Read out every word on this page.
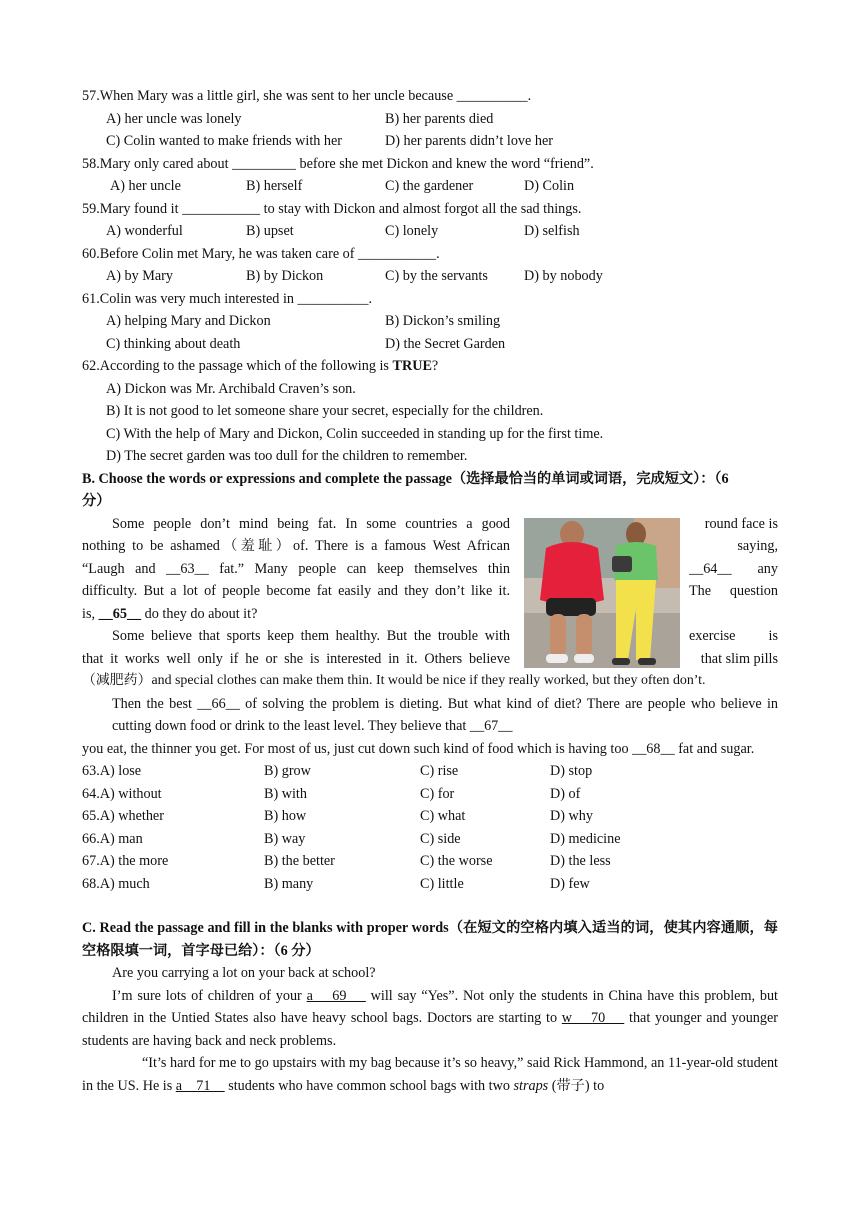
57.When Mary was a little girl, she was sent to her uncle because __________.
A) her uncle was lonely	B) her parents died
C) Colin wanted to make friends with her	D) her parents didn’t love her
58.Mary only cared about _________ before she met Dickon and knew the word “friend”.
A) her uncle	B) herself	C) the gardener	D) Colin
59.Mary found it ___________ to stay with Dickon and almost forgot all the sad things.
A) wonderful	B) upset	C) lonely	D) selfish
60.Before Colin met Mary, he was taken care of ___________.
A) by Mary	B) by Dickon	C) by the servants	D) by nobody
61.Colin was very much interested in __________.
A) helping Mary and Dickon	B) Dickon’s smiling
C) thinking about death	D) the Secret Garden
62.According to the passage which of the following is TRUE?
A) Dickon was Mr. Archibald Craven’s son.
B) It is not good to let someone share your secret, especially for the children.
C) With the help of Mary and Dickon, Colin succeeded in standing up for the first time.
D) The secret garden was too dull for the children to remember.
B. Choose the words or expressions and complete the passage（选择最恰当的单词或词语，完成短文）：（6
分）
Some people don’t mind being fat. In some countries a good	round face is
nothing to be ashamed（羞耻）of. There is a famous West African	saying,
“Laugh and __63__ fat.” Many people can keep themselves thin	__64__ any
difficulty. But a lot of people become fat easily and they don’t like it.	The question
is, __65__ do they do about it?
Some believe that sports keep them healthy. But the trouble with	exercise is
that it works well only if he or she is interested in it. Others believe	that slim pills
（减肥药）and special clothes can make them thin. It would be nice if they really worked, but they often don’t.
Then the best __66__ of solving the problem is dieting. But what kind of diet? There are people who believe in cutting down food or drink to the least level. They believe that __67__
you eat, the thinner you get. For most of us, just cut down such kind of food which is having too __68__ fat and sugar.
63.A) lose	B) grow	C) rise	D) stop
64.A) without	B) with	C) for	D) of
65.A) whether	B) how	C) what	D) why
66.A) man	B) way	C) side	D) medicine
67.A) the more	B) the better	C) the worse	D) the less
68.A) much	B) many	C) little	D) few
C. Read the passage and fill in the blanks with proper words（在短文的空格内填入适当的词，使其内容通顺，每空格限填一词，首字母已给）：（6 分）
Are you carrying a lot on your back at school?
I’m sure lots of children of your a    69     will say “Yes”. Not only the students in China have this problem, but children in the Untied States also have heavy school bags. Doctors are starting to w    70     that younger and younger students are having back and neck problems.
“It’s hard for me to go upstairs with my bag because it’s so heavy,” said Rick Hammond, an 11-year-old student in the US. He is a    71     students who have common school bags with two straps (带子) to
